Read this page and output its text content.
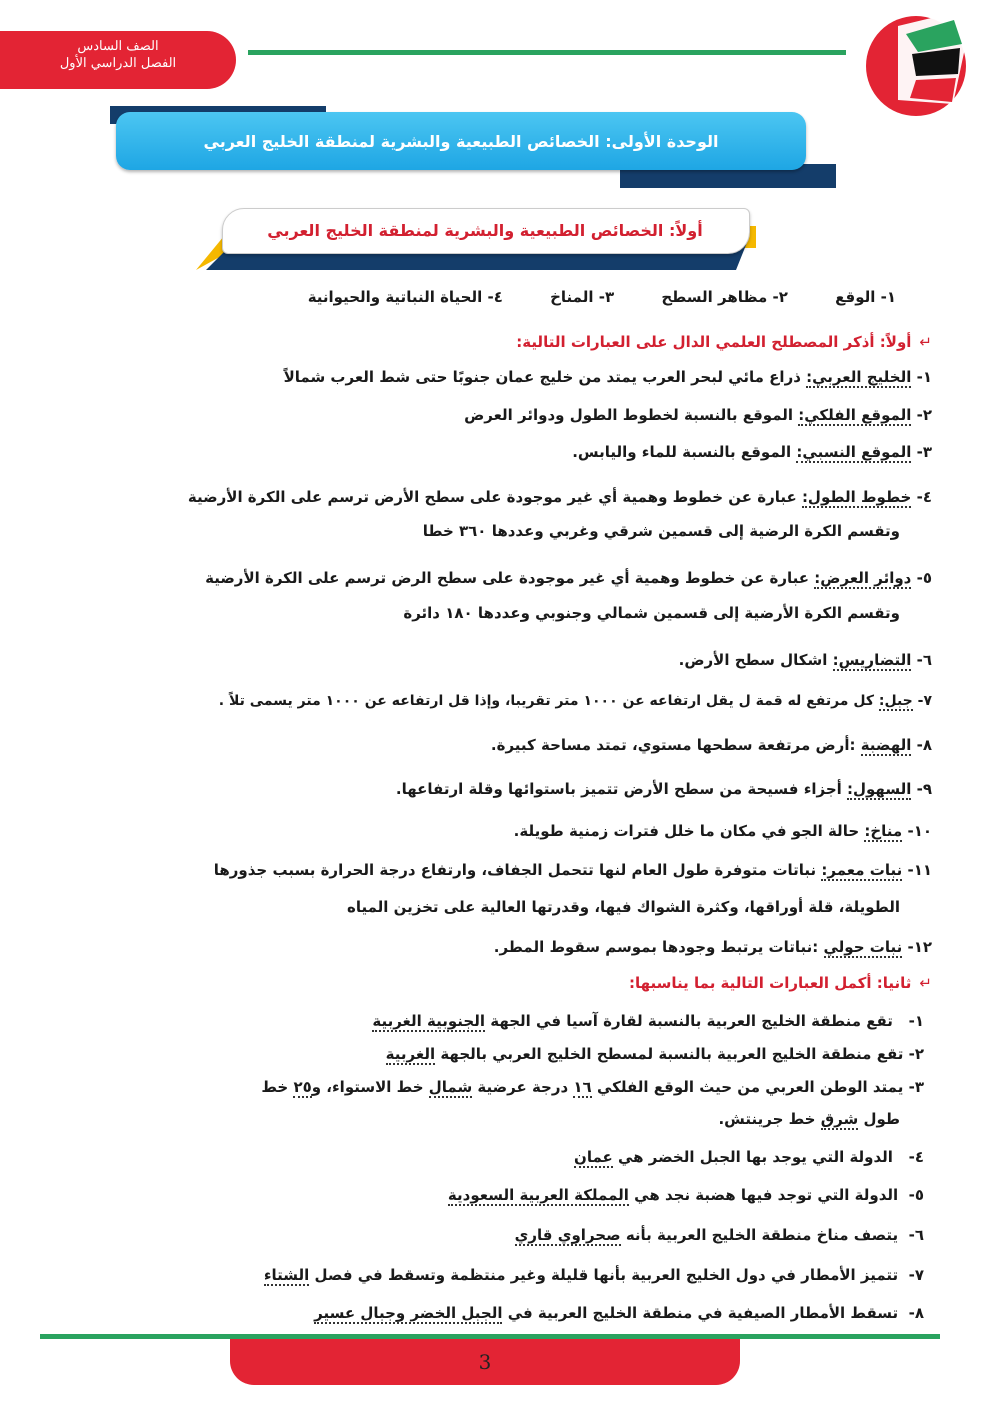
الصف السادس
الفصل الدراسي الأول
الوحدة الأولى: الخصائص الطبيعية والبشرية لمنطقة الخليج العربي
أولاً: الخصائص الطبيعية والبشرية لمنطقة الخليج العربي
١- الوقع ٢- مظاهر السطح ٣- المناخ ٤- الحياة النباتية والحيوانية
↵أولاً: أذكر المصطلح العلمي الدال على العبارات التالية:
١- الخليج العربي: ذراع مائي لبحر العرب يمتد من خليج عمان جنوبًا حتى شط العرب شمالاً
٢- الموقع الفلكي: الموقع بالنسبة لخطوط الطول ودوائر العرض
٣- الموقع النسبي: الموقع بالنسبة للماء واليابس.
٤- خطوط الطول: عبارة عن خطوط وهمية أي غير موجودة على سطح الأرض ترسم على الكرة الأرضية
وتقسم الكرة الرضية إلى قسمين شرقي وغربي وعددها ٣٦٠ خطا
٥- دوائر العرض: عبارة عن خطوط وهمية أي غير موجودة على سطح الرض ترسم على الكرة الأرضية
وتقسم الكرة الأرضية إلى قسمين شمالي وجنوبي وعددها ١٨٠ دائرة
٦- التضاريس: اشكال سطح الأرض.
٧- جبل: كل مرتفع له قمة ل يقل ارتفاعه عن ١٠٠٠ متر تقريبا، وإذا قل ارتفاعه عن ١٠٠٠ متر يسمى تلاً .
٨- الهضبة :أرض مرتفعة سطحها مستوي، تمتد مساحة كبيرة.
٩- السهول: أجزاء فسيحة من سطح الأرض تتميز باستوائها وقلة ارتفاعها.
١٠- مناخ: حالة الجو في مكان ما خلل فترات زمنية طويلة.
١١- نبات معمر: نباتات متوفرة طول العام لنها تتحمل الجفاف، وارتفاع درجة الحرارة بسبب جذورها
الطويلة، قلة أوراقها، وكثرة الشواك فيها، وقدرتها العالية على تخزين المياه
١٢- نبات حولي :نباتات يرتبط وجودها بموسم سقوط المطر.
↵ثانيا: أكمل العبارات التالية بما يناسبها:
١-   تقع منطقة الخليج العربية بالنسبة لقارة آسيا في الجهة الجنوبية الغربية
٢- تقع منطقة الخليج العربية بالنسبة لمسطح الخليج العربي بالجهة الغربية
٣- يمتد الوطن العربي من حيث الوقع الفلكي ١٦ درجة عرضية شمال خط الاستواء، و٢٥ خط
طول شرق خط جرينتش.
٤-   الدولة التي يوجد بها الجبل الخضر هي عمان
٥-  الدولة التي توجد فيها هضبة نجد هي المملكة العربية السعودية
٦-  يتصف مناخ منطقة الخليج العربية بأنه صحراوي قاري
٧-  تتميز الأمطار في دول الخليج العربية بأنها قليلة وغير منتظمة وتسقط في فصل الشتاء
٨-  تسقط الأمطار الصيفية في منطقة الخليج العربية في الجبل الخضر وجبال عسير
3
